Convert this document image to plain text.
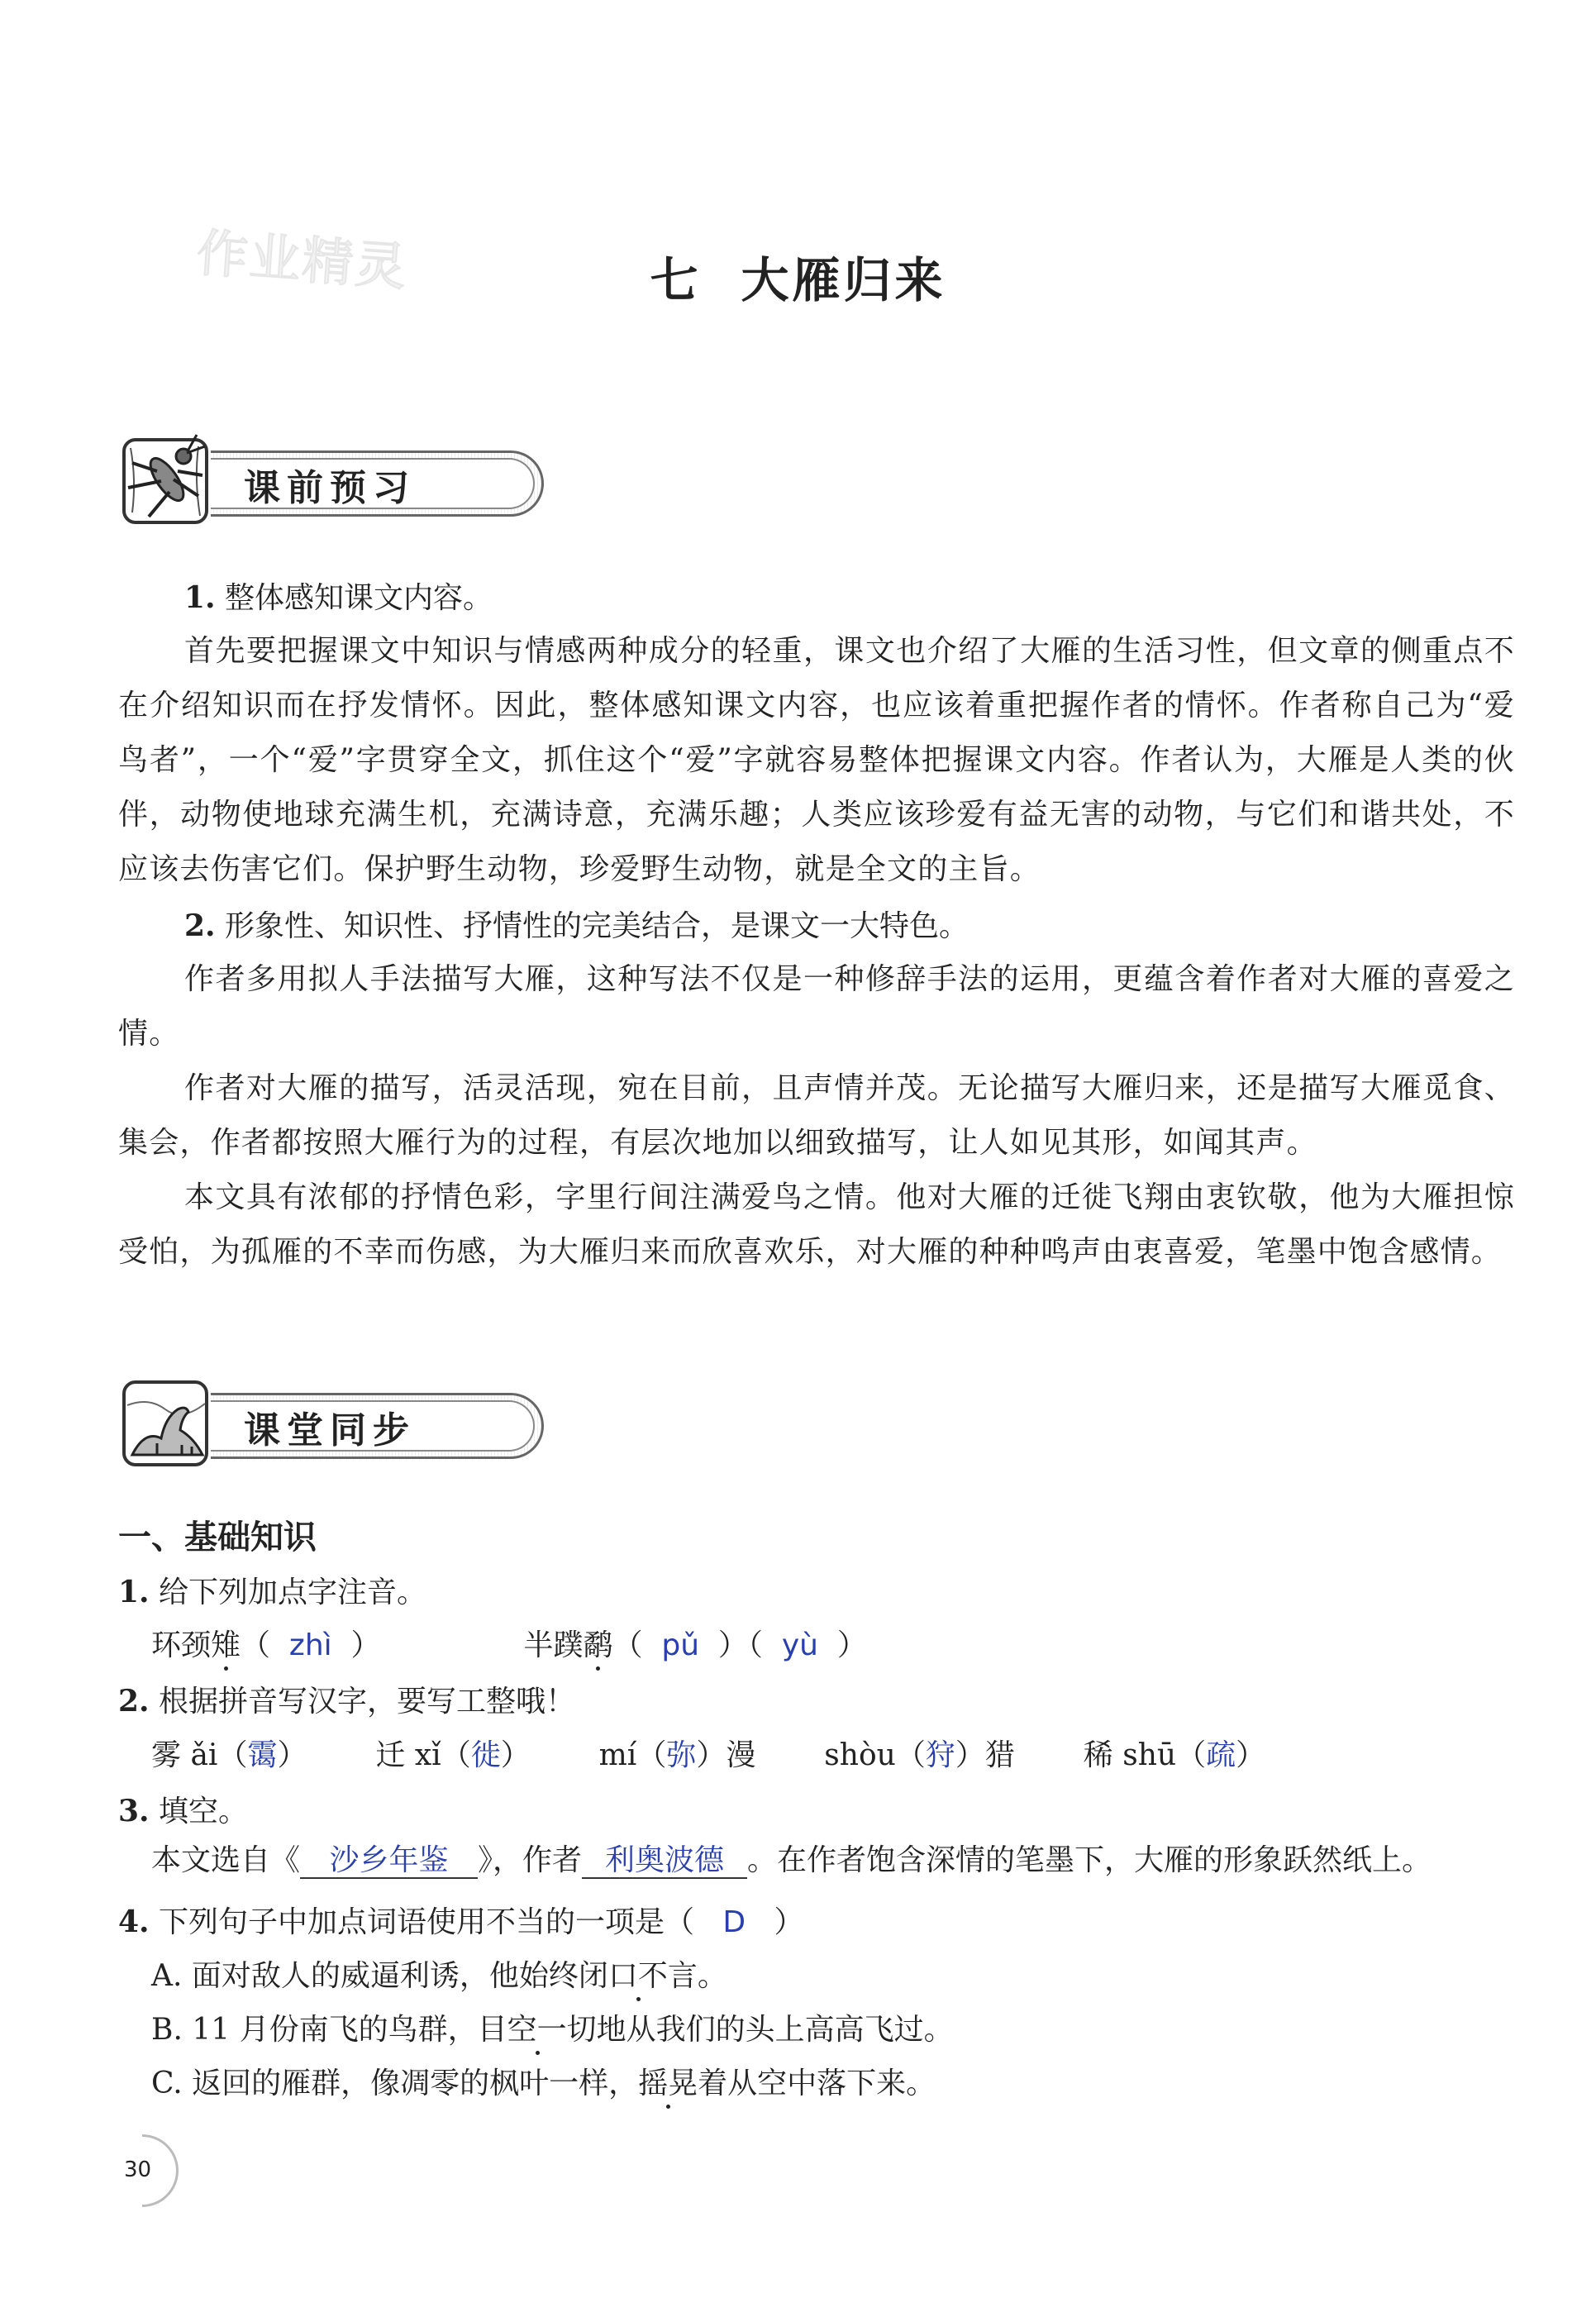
作业精灵	七 大雁归来
课前预习
1. 整体感知课文内容。
首先要把握课文中知识与情感两种成分的轻重，课文也介绍了大雁的生活习性，但文章的侧重点不在介绍知识而在抒发情怀。因此，整体感知课文内容，也应该着重把握作者的情怀。作者称自己为“爱鸟者”，一个“爱”字贯穿全文，抓住这个“爱”字就容易整体把握课文内容。作者认为，大雁是人类的伙伴，动物使地球充满生机，充满诗意，充满乐趣；人类应该珍爱有益无害的动物，与它们和谐共处，不应该去伤害它们。保护野生动物，珍爱野生动物，就是全文的主旨。
2. 形象性、知识性、抒情性的完美结合，是课文一大特色。
作者多用拟人手法描写大雁，这种写法不仅是一种修辞手法的运用，更蕴含着作者对大雁的喜爱之情。
作者对大雁的描写，活灵活现，宛在目前，且声情并茂。无论描写大雁归来，还是描写大雁觅食、集会，作者都按照大雁行为的过程，有层次地加以细致描写，让人如见其形，如闻其声。
本文具有浓郁的抒情色彩，字里行间注满爱鸟之情。他对大雁的迁徙飞翔由衷钦敬，他为大雁担惊受怕，为孤雁的不幸而伤感，为大雁归来而欣喜欢乐，对大雁的种种鸣声由衷喜爱，笔墨中饱含感情。
课堂同步
一、基础知识
1. 给下列加点字注音。
环颈雉（  zhì  ）	半蹼鹬（  pǔ  ）（  yù  ）
2. 根据拼音写汉字，要写工整哦！
雾 ǎi（霭） 迁 xǐ（徙） mí（弥）漫 shòu（狩）猎 稀 shū（疏）
3. 填空。
本文选自《 沙乡年鉴 》，作者 利奥波德 。在作者饱含深情的笔墨下，大雁的形象跃然纸上。
4. 下列句子中加点词语使用不当的一项是（ D ）
A. 面对敌人的威逼利诱，他始终闭口不言。
B. 11 月份南飞的鸟群，目空一切地从我们的头上高高飞过。
C. 返回的雁群，像凋零的枫叶一样，摇晃着从空中落下来。
30
